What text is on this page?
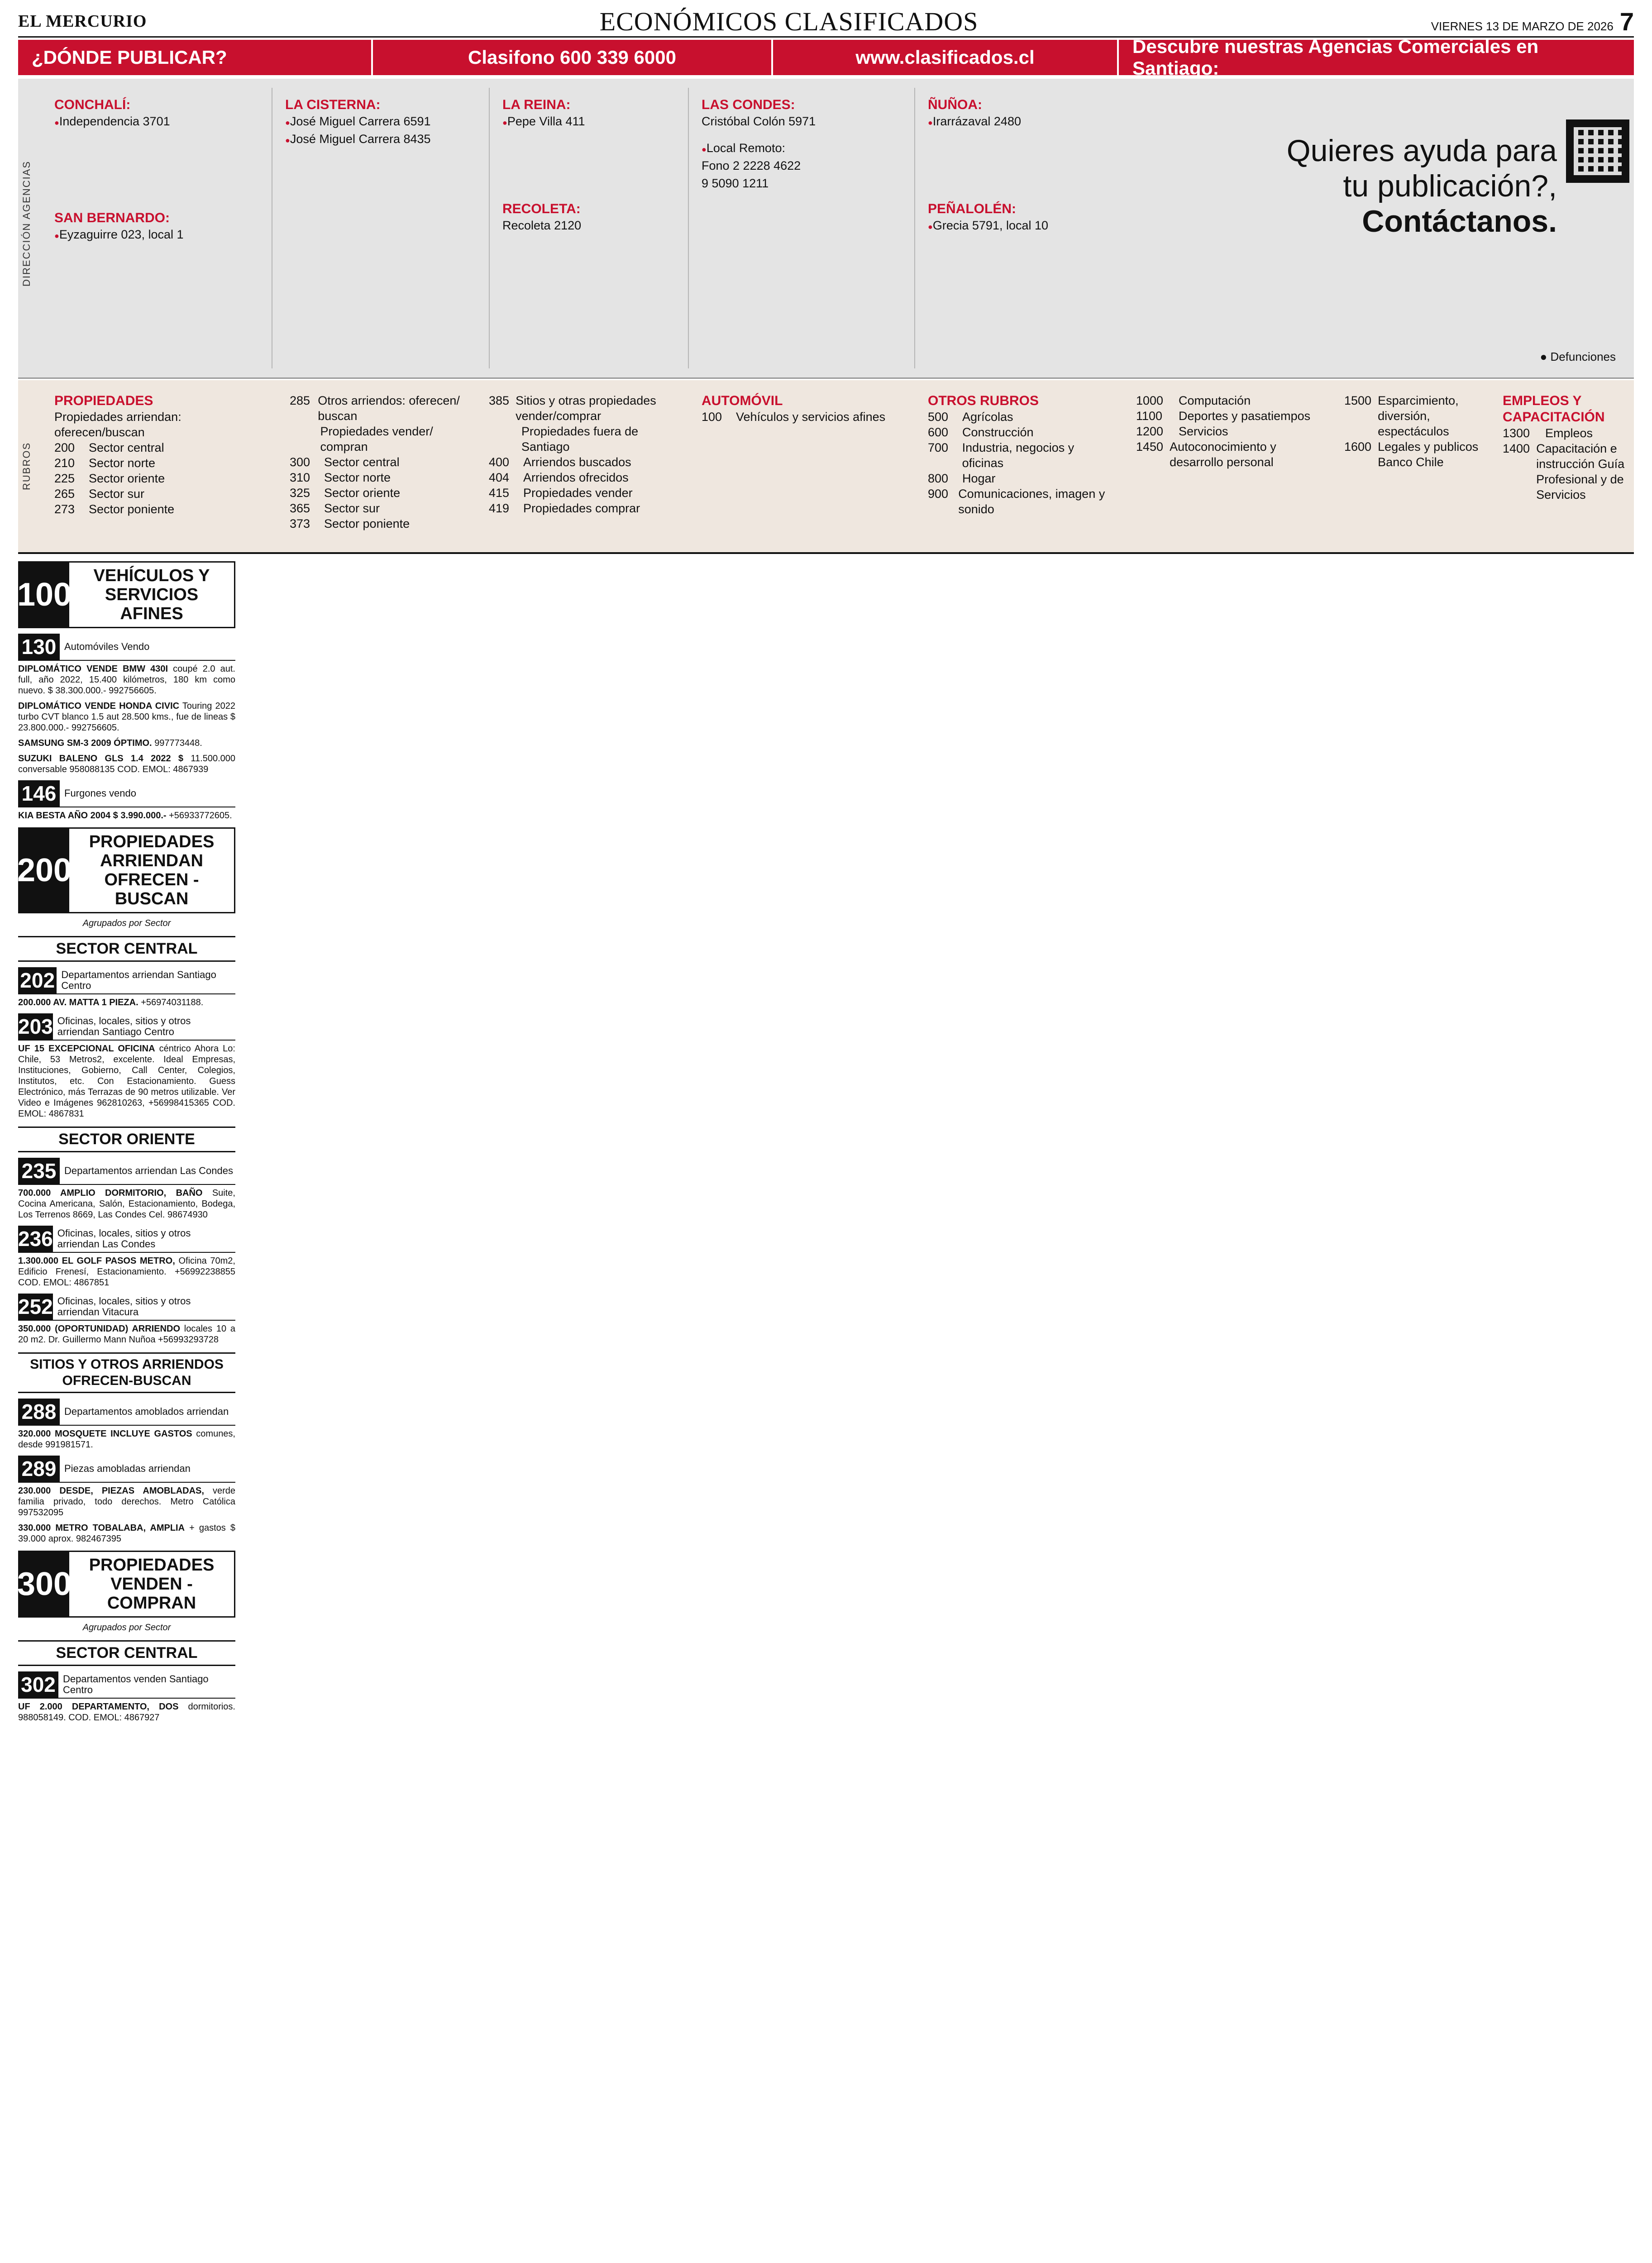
EL MERCURIO	ECONÓMICOS CLASIFICADOS	VIERNES 13 DE MARZO DE 2026 7
¿DÓNDE PUBLICAR?	Clasifono 600 339 6000	www.clasificados.cl
Descubre nuestras Agencias Comerciales en Santiago:
DIRECCIÓN AGENCIAS
CONCHALÍ:
● Independencia 3701
SAN BERNARDO:
● Eyzaguirre 023, local 1
LA CISTERNA:
● José Miguel Carrera 6591
● José Miguel Carrera 8435
LA REINA:
● Pepe Villa 411
RECOLETA:
Recoleta 2120
LAS CONDES:
Cristóbal Colón 5971
● Local Remoto:
Fono 2 2228 4622
9 5090 1211
ÑUÑOA:
● Irarrázaval 2480
PEÑALOLÉN:
● Grecia 5791, local 10
Quieres ayuda para
tu publicación?,
Contáctanos.
● Defunciones
RUBROS
PROPIEDADES
Propiedades arriendan:
oferecen/buscan
200	Sector central
210	Sector norte
225	Sector oriente
265	Sector sur
273	Sector poniente
285 Otros arriendos: oferecen/ buscan
Propiedades vender/ compran
300	Sector central
310	Sector norte
325	Sector oriente
365	Sector sur
373	Sector poniente
385 Sitios y otras propiedades vender/comprar
Propiedades fuera de Santiago
400	Arriendos buscados
404	Arriendos ofrecidos
415	Propiedades vender
419	Propiedades comprar
AUTOMÓVIL
100	Vehículos y servicios afines
OTROS RUBROS
500	Agrícolas
600	Construcción
700	Industria, negocios y oficinas
800	Hogar
900 Comunicaciones, imagen y sonido
1000	Computación
1100	Deportes y pasatiempos
1200	Servicios
1450 Autoconocimiento y desarrollo personal
1500 Esparcimiento, diversión, espectáculos
1600 Legales y publicos Banco Chile
EMPLEOS Y CAPACITACIÓN
1300	Empleos
1400 Capacitación e instrucción Guía Profesional y de Servicios
100
VEHÍCULOS Y SERVICIOS AFINES
130 Automóviles Vendo
DIPLOMÁTICO VENDE BMW 430I coupé 2.0 aut. full, año 2022, 15.400 kilómetros, 180 km como nuevo. $ 38.300.000.- 992756605.
DIPLOMÁTICO VENDE HONDA CIVIC Touring 2022 turbo CVT blanco 1.5 aut 28.500 kms., fue de lineas $ 23.800.000.- 992756605.
SAMSUNG SM-3 2009 ÓPTIMO. 997773448.
SUZUKI BALENO GLS 1.4 2022 $ 11.500.000 conversable 958088135 COD. EMOL: 4867939
146 Furgones vendo
KIA BESTA AÑO 2004 $ 3.990.000.- +56933772605.
200
PROPIEDADES ARRIENDAN OFRECEN - BUSCAN
Agrupados por Sector
SECTOR CENTRAL
202 Departamentos arriendan Santiago Centro
200.000 AV. MATTA 1 PIEZA. +56974031188.
203 Oficinas, locales, sitios y otros arriendan Santiago Centro
UF 15 EXCEPCIONAL OFICINA céntrico Ahora Lo: Chile, 53 Metros2, excelente. Ideal Empresas, Instituciones, Gobierno, Call Center, Colegios, Institutos, etc. Con Estacionamiento. Guess Electrónico, más Terrazas de 90 metros utilizable. Ver Video e Imágenes 962810263, +56998415365 COD. EMOL: 4867831
SECTOR ORIENTE
235 Departamentos arriendan Las Condes
700.000 AMPLIO DORMITORIO, BAÑO Suite, Cocina Americana, Salón, Estacionamiento, Bodega, Los Terrenos 8669, Las Condes Cel. 98674930
236 Oficinas, locales, sitios y otros arriendan Las Condes
1.300.000 EL GOLF PASOS METRO, Oficina 70m2, Edificio Frenesí, Estacionamiento. +56992238855 COD. EMOL: 4867851
252 Oficinas, locales, sitios y otros arriendan Vitacura
350.000 (OPORTUNIDAD) ARRIENDO locales 10 a 20 m2. Dr. Guillermo Mann Nuñoa +56993293728
SITIOS Y OTROS ARRIENDOS OFRECEN-BUSCAN
288 Departamentos amoblados arriendan
320.000 MOSQUETE INCLUYE GASTOS comunes, desde 991981571.
289 Piezas amobladas arriendan
230.000 DESDE, PIEZAS AMOBLADAS, verde familia privado, todo derechos. Metro Católica 997532095
330.000 METRO TOBALABA, AMPLIA + gastos $ 39.000 aprox. 982467395
300
PROPIEDADES VENDEN - COMPRAN
Agrupados por Sector
SECTOR CENTRAL
302 Departamentos venden Santiago Centro
UF 2.000 DEPARTAMENTO, DOS dormitorios. 988058149. COD. EMOL: 4867927
